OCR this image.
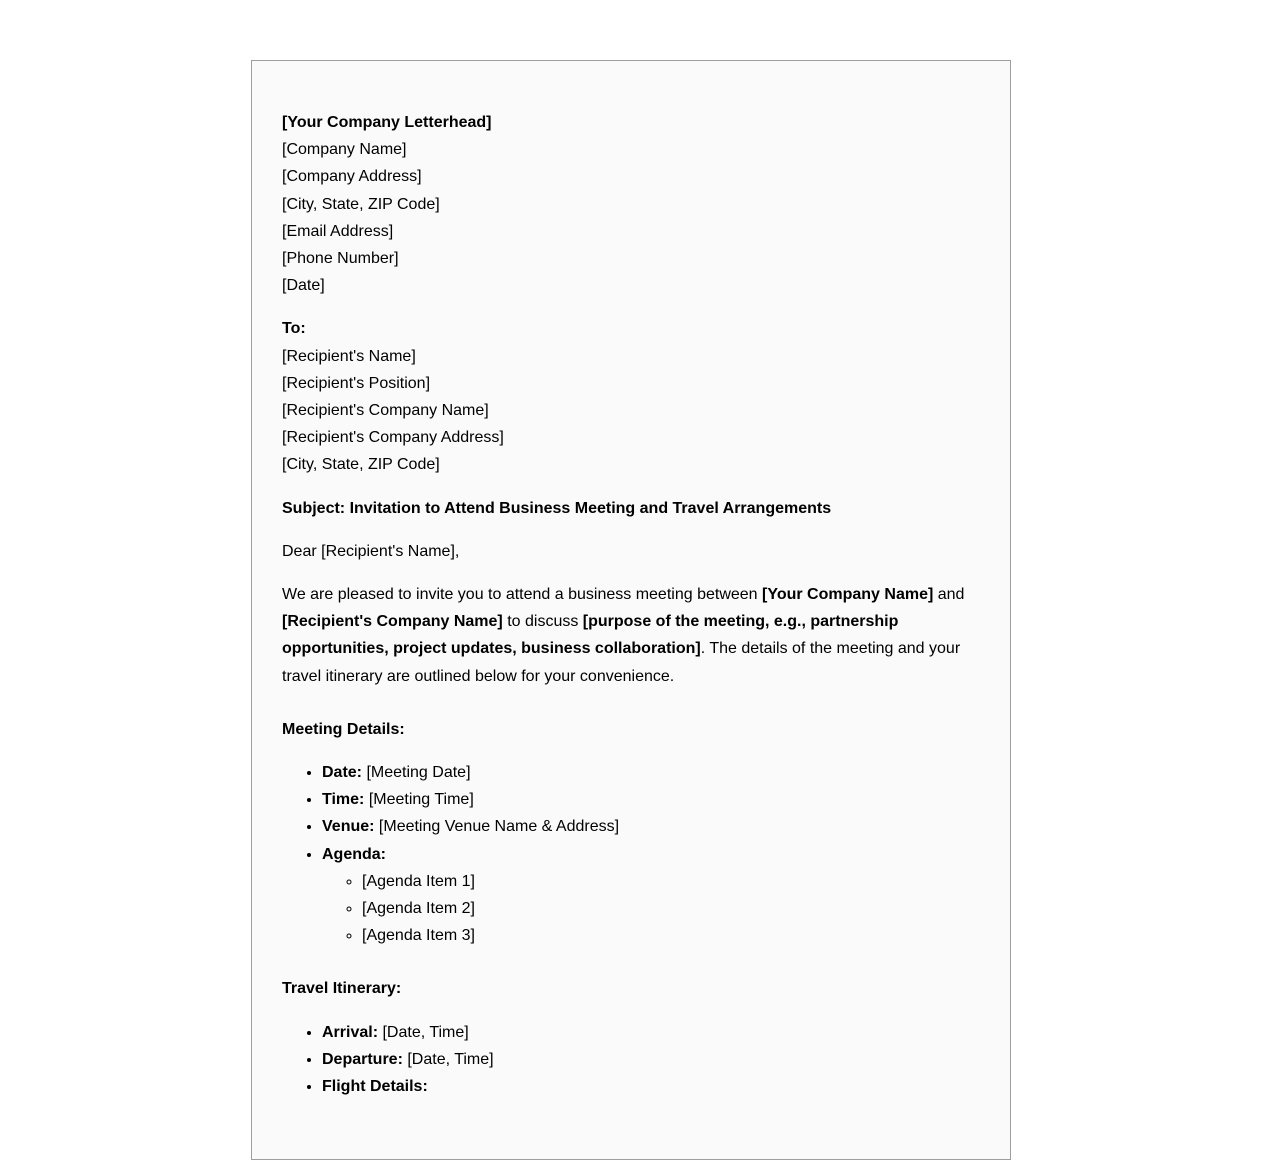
[Your Company Letterhead]
[Company Name]
[Company Address]
[City, State, ZIP Code]
[Email Address]
[Phone Number]
[Date]
To:
[Recipient's Name]
[Recipient's Position]
[Recipient's Company Name]
[Recipient's Company Address]
[City, State, ZIP Code]

Subject: Invitation to Attend Business Meeting and Travel Arrangements

Dear [Recipient's Name],

We are pleased to invite you to attend a business meeting between [Your Company Name] and [Recipient's Company Name] to discuss [purpose of the meeting, e.g., partnership opportunities, project updates, business collaboration]. The details of the meeting and your travel itinerary are outlined below for your convenience.

Meeting Details:

• Date: [Meeting Date]
• Time: [Meeting Time]
• Venue: [Meeting Venue Name & Address]
• Agenda:
◦ [Agenda Item 1]
◦ [Agenda Item 2]
◦ [Agenda Item 3]

Travel Itinerary:

• Arrival: [Date, Time]
• Departure: [Date, Time]
• Flight Details:
